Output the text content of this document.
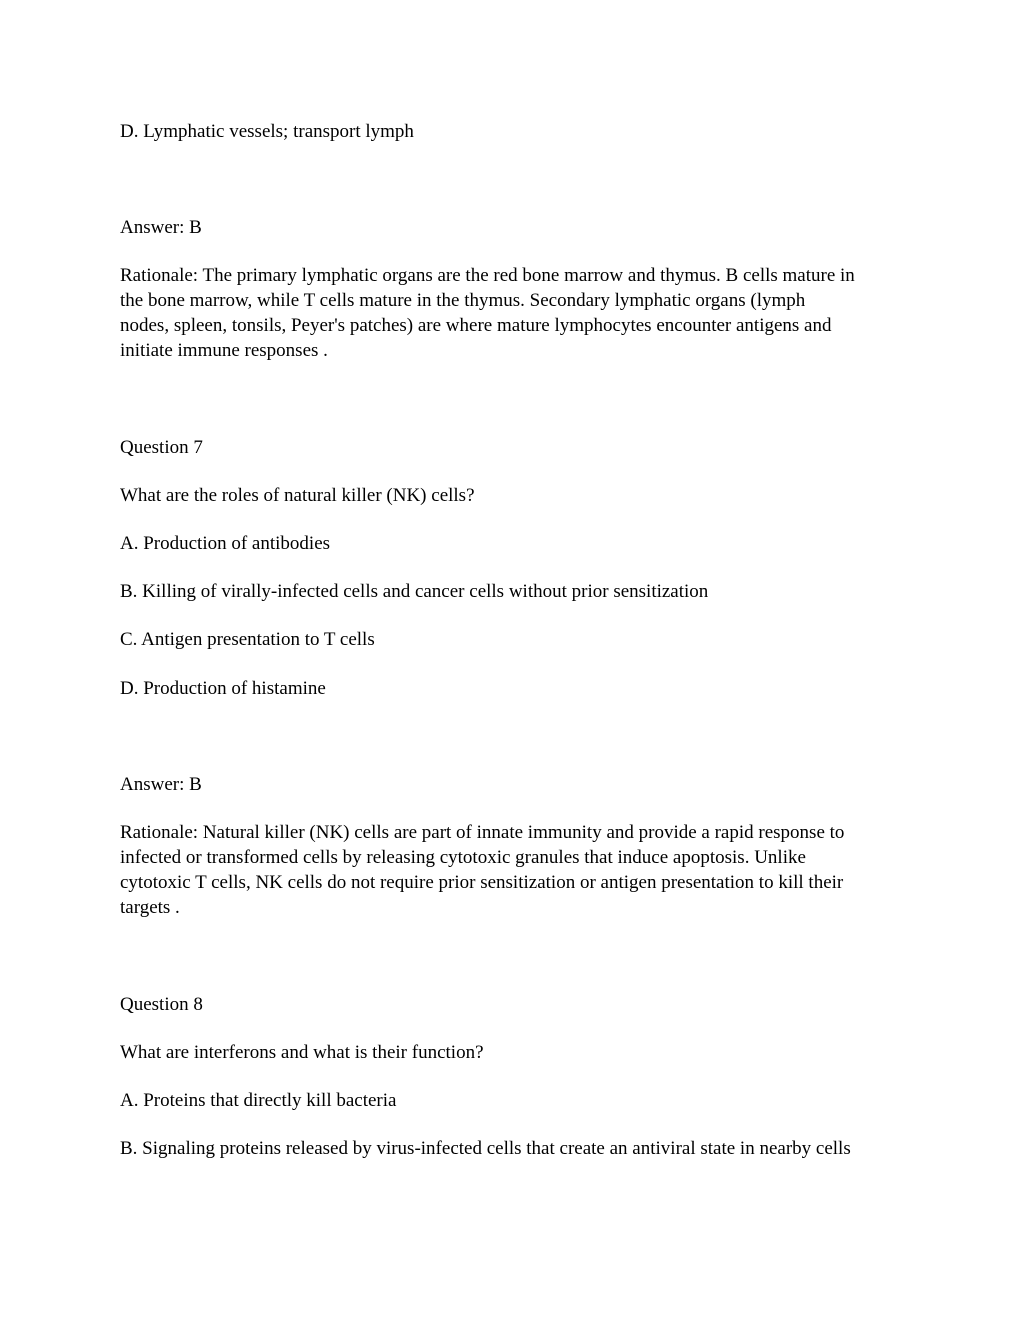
D. Lymphatic vessels; transport lymph
Answer: B
Rationale: The primary lymphatic organs are the red bone marrow and thymus. B cells mature in
the bone marrow, while T cells mature in the thymus. Secondary lymphatic organs (lymph
nodes, spleen, tonsils, Peyer's patches) are where mature lymphocytes encounter antigens and
initiate immune responses .
Question 7
What are the roles of natural killer (NK) cells?
A. Production of antibodies
B. Killing of virally-infected cells and cancer cells without prior sensitization
C. Antigen presentation to T cells
D. Production of histamine
Answer: B
Rationale: Natural killer (NK) cells are part of innate immunity and provide a rapid response to
infected or transformed cells by releasing cytotoxic granules that induce apoptosis. Unlike
cytotoxic T cells, NK cells do not require prior sensitization or antigen presentation to kill their
targets .
Question 8
What are interferons and what is their function?
A. Proteins that directly kill bacteria
B. Signaling proteins released by virus-infected cells that create an antiviral state in nearby cells
